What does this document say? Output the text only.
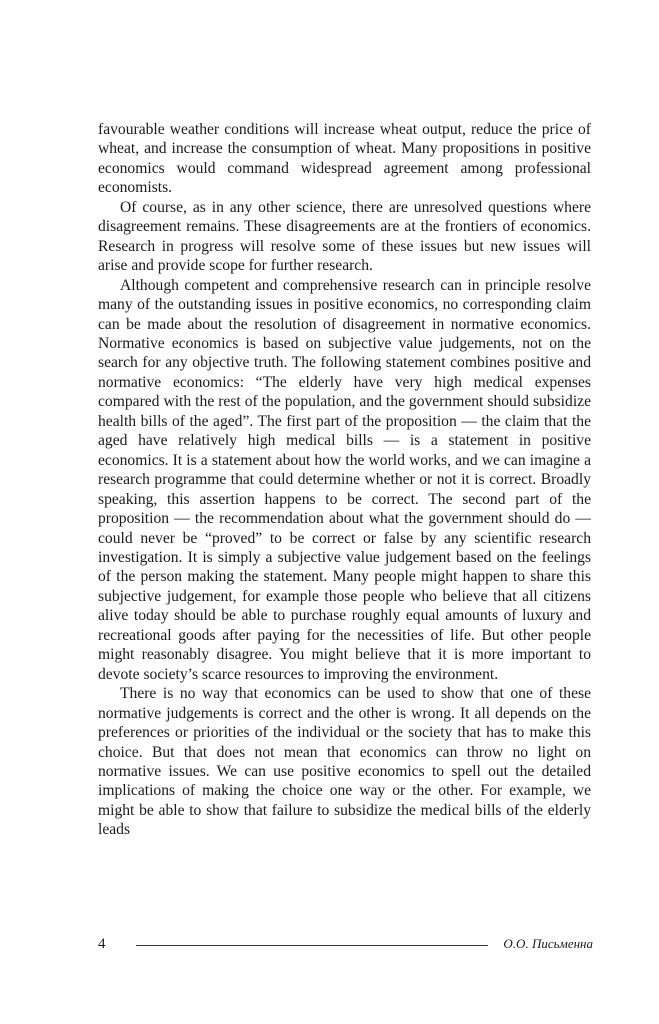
favourable weather conditions will increase wheat output, reduce the price of wheat, and increase the consumption of wheat. Many propositions in positive economics would command widespread agreement among professional economists.

Of course, as in any other science, there are unresolved questions where disagreement remains. These disagreements are at the frontiers of economics. Research in progress will resolve some of these issues but new issues will arise and provide scope for further research.

Although competent and comprehensive research can in principle resolve many of the outstanding issues in positive economics, no corresponding claim can be made about the resolution of disagreement in normative economics. Normative economics is based on subjective value judgements, not on the search for any objective truth. The following statement combines positive and normative economics: “The elderly have very high medical expenses compared with the rest of the population, and the government should subsidize health bills of the aged”. The first part of the proposition — the claim that the aged have relatively high medical bills — is a statement in positive economics. It is a statement about how the world works, and we can imagine a research programme that could determine whether or not it is correct. Broadly speaking, this assertion happens to be correct. The second part of the proposition — the recommendation about what the government should do — could never be “proved” to be correct or false by any scientific research investigation. It is simply a subjective value judgement based on the feelings of the person making the statement. Many people might happen to share this subjective judgement, for example those people who believe that all citizens alive today should be able to purchase roughly equal amounts of luxury and recreational goods after paying for the necessities of life. But other people might reasonably disagree. You might believe that it is more important to devote society’s scarce resources to improving the environment.

There is no way that economics can be used to show that one of these normative judgements is correct and the other is wrong. It all depends on the preferences or priorities of the individual or the society that has to make this choice. But that does not mean that economics can throw no light on normative issues. We can use positive economics to spell out the detailed implications of making the choice one way or the other. For example, we might be able to show that failure to subsidize the medical bills of the elderly leads

4	О.О. Письменна
